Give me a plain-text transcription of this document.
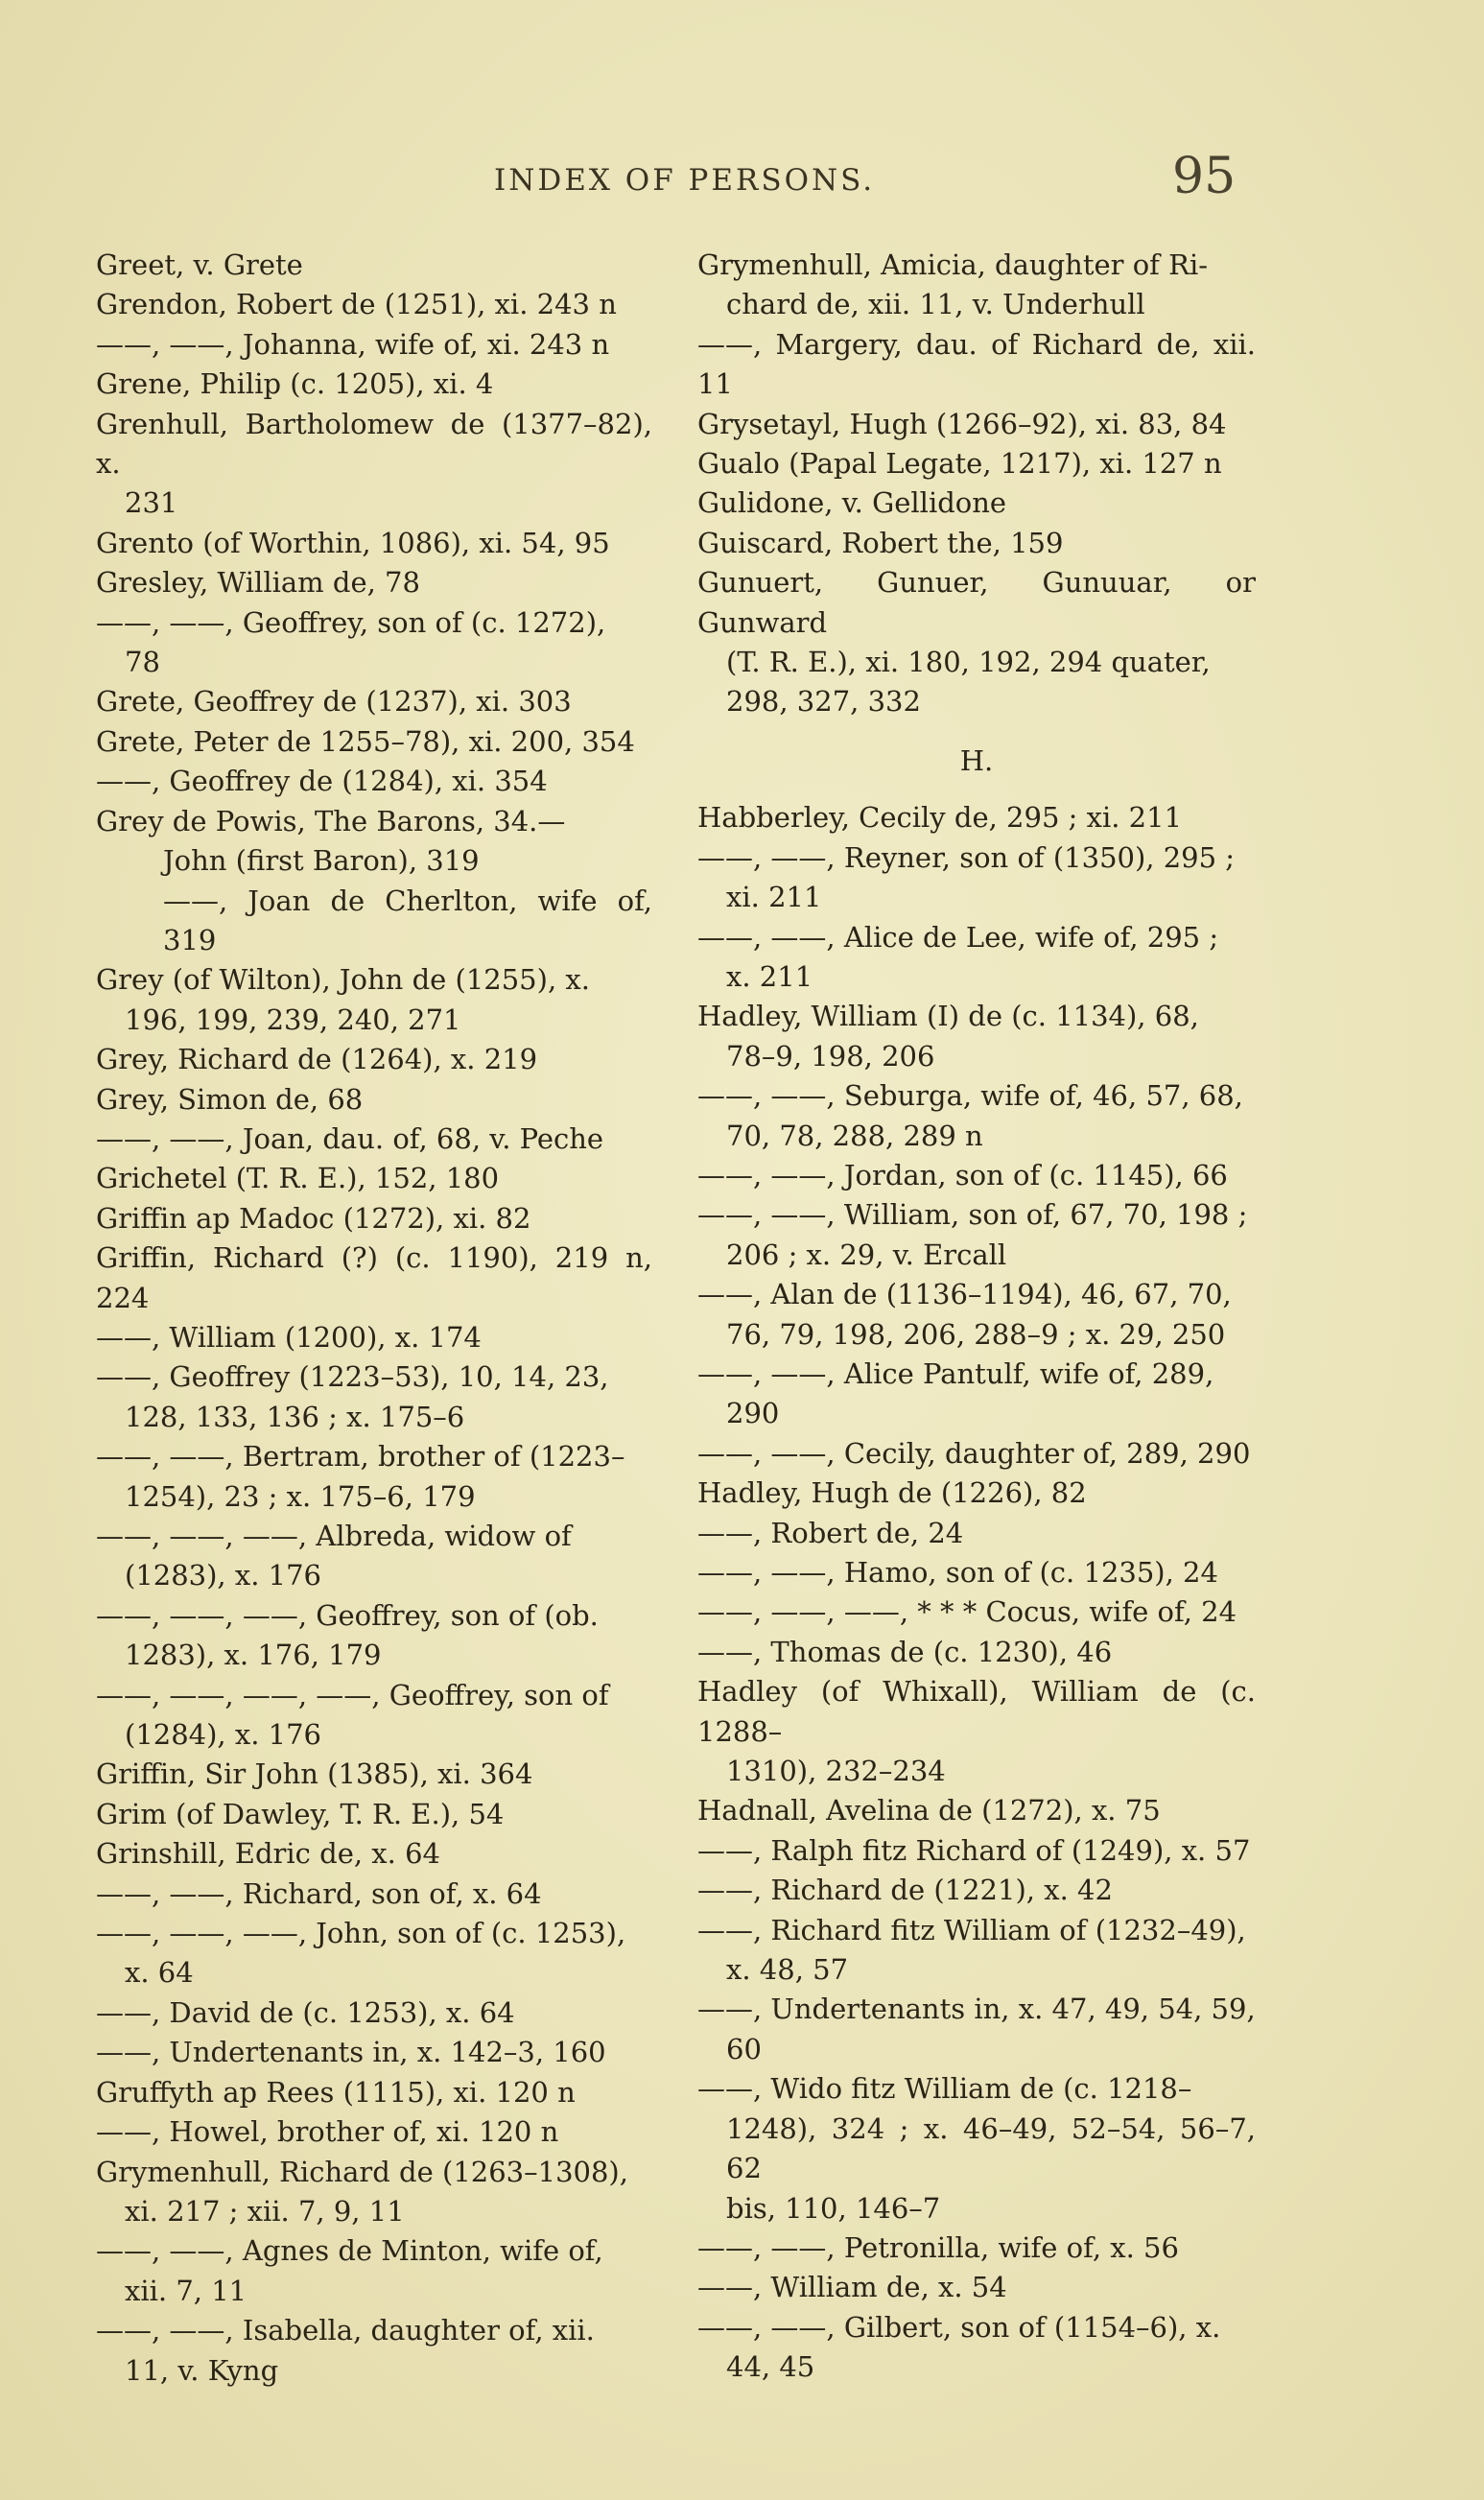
INDEX OF PERSONS.	95

Greet, v. Grete

Grendon, Robert de (1251), xi. 243 n

——, ——, Johanna, wife of, xi. 243 n

Grene, Philip (c. 1205), xi. 4

Grenhull, Bartholomew de (1377–82), x.

231

Grento (of Worthin, 1086), xi. 54, 95

Gresley, William de, 78

——, ——, Geoffrey, son of (c. 1272),

78

Grete, Geoffrey de (1237), xi. 303

Grete, Peter de 1255–78), xi. 200, 354

——, Geoffrey de (1284), xi. 354

Grey de Powis, The Barons, 34.—

John (first Baron), 319

——, Joan de Cherlton, wife of, 319

Grey (of Wilton), John de (1255), x.

196, 199, 239, 240, 271

Grey, Richard de (1264), x. 219

Grey, Simon de, 68

——, ——, Joan, dau. of, 68, v. Peche

Grichetel (T. R. E.), 152, 180

Griffin ap Madoc (1272), xi. 82

Griffin, Richard (?) (c. 1190), 219 n, 224

——, William (1200), x. 174

——, Geoffrey (1223–53), 10, 14, 23,

128, 133, 136 ; x. 175–6

——, ——, Bertram, brother of (1223–

1254), 23 ; x. 175–6, 179

——, ——, ——, Albreda, widow of

(1283), x. 176

——, ——, ——, Geoffrey, son of (ob.

1283), x. 176, 179

——, ——, ——, ——, Geoffrey, son of

(1284), x. 176

Griffin, Sir John (1385), xi. 364

Grim (of Dawley, T. R. E.), 54

Grinshill, Edric de, x. 64

——, ——, Richard, son of, x. 64

——, ——, ——, John, son of (c. 1253),

x. 64

——, David de (c. 1253), x. 64

——, Undertenants in, x. 142–3, 160

Gruffyth ap Rees (1115), xi. 120 n

——, Howel, brother of, xi. 120 n

Grymenhull, Richard de (1263–1308),

xi. 217 ; xii. 7, 9, 11

——, ——, Agnes de Minton, wife of,

xii. 7, 11

——, ——, Isabella, daughter of, xii.

11, v. Kyng

Grymenhull, Amicia, daughter of Ri-

chard de, xii. 11, v. Underhull

——, Margery, dau. of Richard de, xii. 11

Grysetayl, Hugh (1266–92), xi. 83, 84

Gualo (Papal Legate, 1217), xi. 127 n

Gulidone, v. Gellidone

Guiscard, Robert the, 159

Gunuert, Gunuer, Gunuuar, or Gunward

(T. R. E.), xi. 180, 192, 294 quater,

298, 327, 332

H.

Habberley, Cecily de, 295 ; xi. 211

——, ——, Reyner, son of (1350), 295 ;

xi. 211

——, ——, Alice de Lee, wife of, 295 ;

x. 211

Hadley, William (I) de (c. 1134), 68,

78–9, 198, 206

——, ——, Seburga, wife of, 46, 57, 68,

70, 78, 288, 289 n

——, ——, Jordan, son of (c. 1145), 66

——, ——, William, son of, 67, 70, 198 ;

206 ; x. 29, v. Ercall

——, Alan de (1136–1194), 46, 67, 70,

76, 79, 198, 206, 288–9 ; x. 29, 250

——, ——, Alice Pantulf, wife of, 289,

290

——, ——, Cecily, daughter of, 289, 290

Hadley, Hugh de (1226), 82

——, Robert de, 24

——, ——, Hamo, son of (c. 1235), 24

——, ——, ——, * * * Cocus, wife of, 24

——, Thomas de (c. 1230), 46

Hadley (of Whixall), William de (c. 1288–

1310), 232–234

Hadnall, Avelina de (1272), x. 75

——, Ralph fitz Richard of (1249), x. 57

——, Richard de (1221), x. 42

——, Richard fitz William of (1232–49),

x. 48, 57

——, Undertenants in, x. 47, 49, 54, 59,

60

——, Wido fitz William de (c. 1218–

1248), 324 ; x. 46–49, 52–54, 56–7, 62

bis, 110, 146–7

——, ——, Petronilla, wife of, x. 56

——, William de, x. 54

——, ——, Gilbert, son of (1154–6), x.

44, 45
